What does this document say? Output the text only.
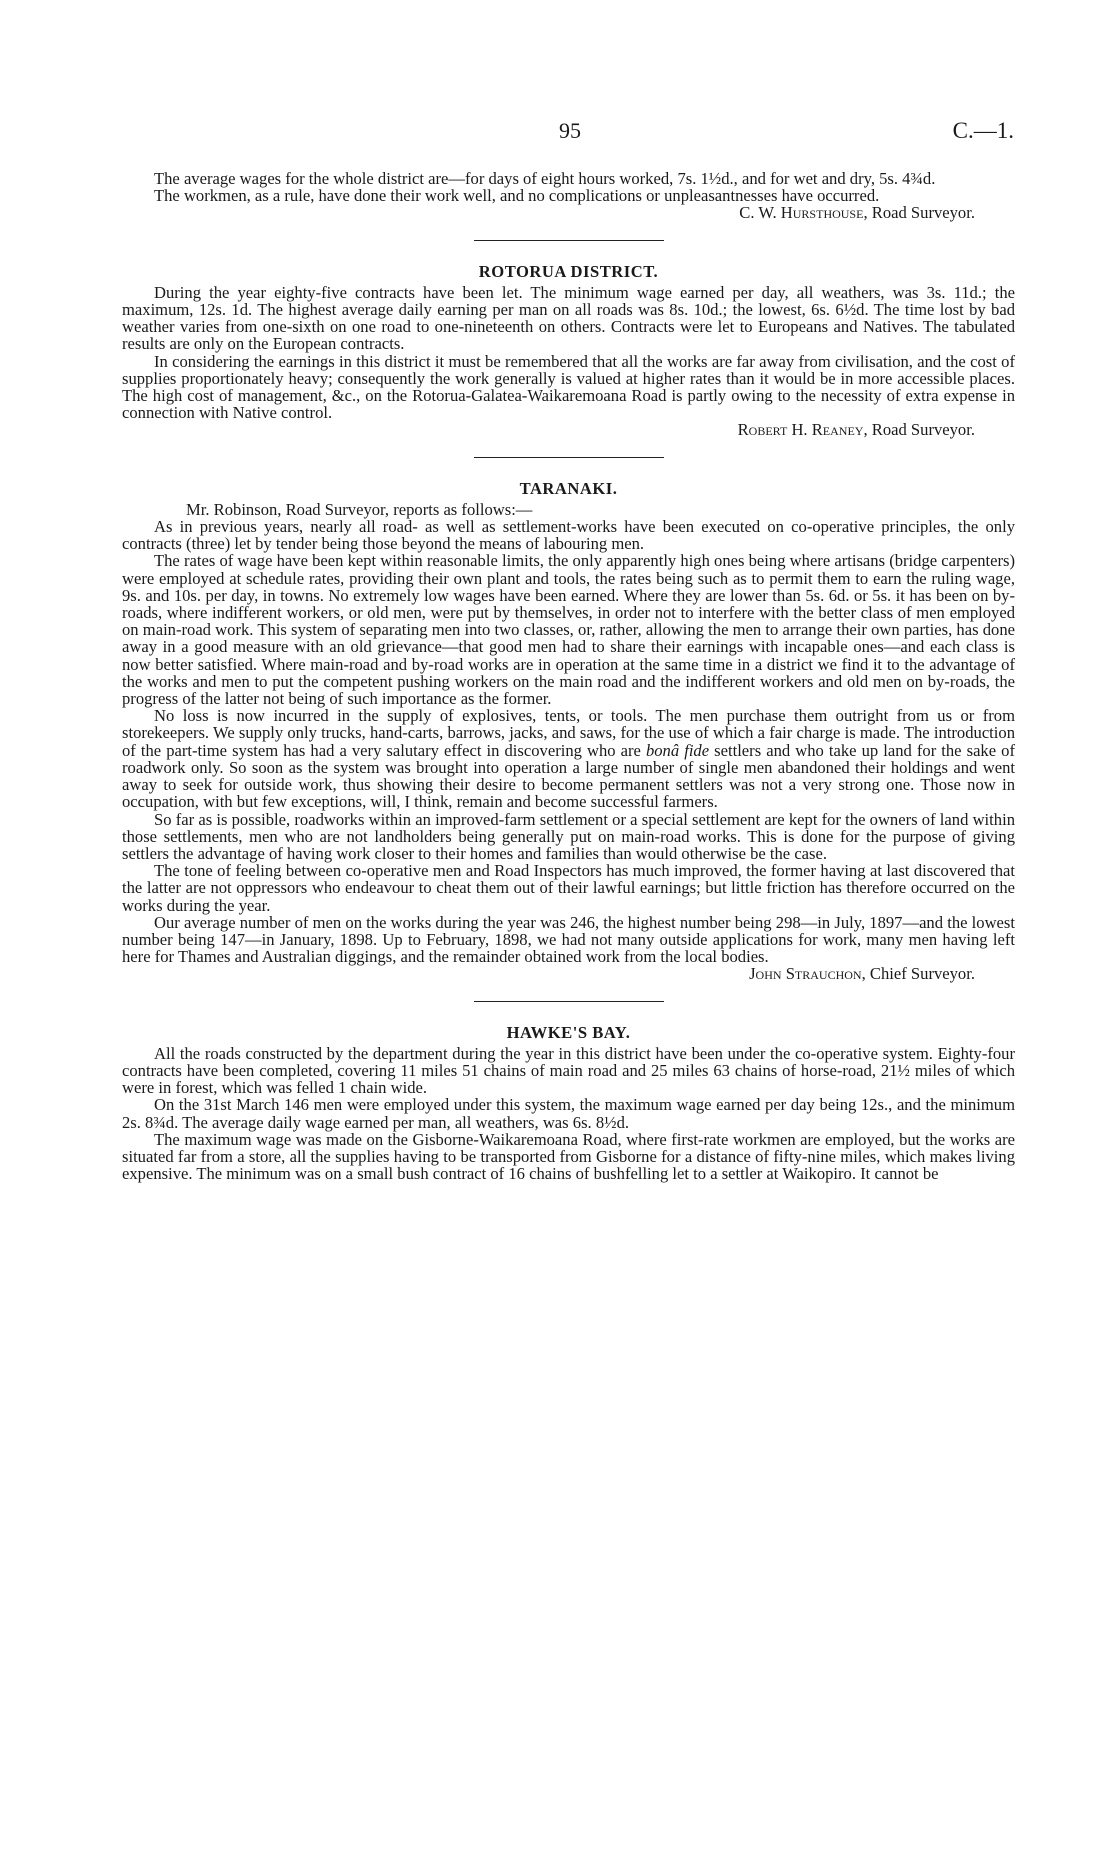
95	C.—1.

The average wages for the whole district are—for days of eight hours worked, 7s. 1½d., and for wet and dry, 5s. 4¾d.

The workmen, as a rule, have done their work well, and no complications or unpleasantnesses have occurred.

C. W. Hursthouse, Road Surveyor.

ROTORUA DISTRICT.

During the year eighty-five contracts have been let. The minimum wage earned per day, all weathers, was 3s. 11d.; the maximum, 12s. 1d. The highest average daily earning per man on all roads was 8s. 10d.; the lowest, 6s. 6½d. The time lost by bad weather varies from one-sixth on one road to one-nineteenth on others. Contracts were let to Europeans and Natives. The tabulated results are only on the European contracts.

In considering the earnings in this district it must be remembered that all the works are far away from civilisation, and the cost of supplies proportionately heavy; consequently the work generally is valued at higher rates than it would be in more accessible places. The high cost of management, &c., on the Rotorua-Galatea-Waikaremoana Road is partly owing to the necessity of extra expense in connection with Native control.

Robert H. Reaney, Road Surveyor.

TARANAKI.

Mr. Robinson, Road Surveyor, reports as follows:—

As in previous years, nearly all road- as well as settlement-works have been executed on co-operative principles, the only contracts (three) let by tender being those beyond the means of labouring men.

The rates of wage have been kept within reasonable limits, the only apparently high ones being where artisans (bridge carpenters) were employed at schedule rates, providing their own plant and tools, the rates being such as to permit them to earn the ruling wage, 9s. and 10s. per day, in towns. No extremely low wages have been earned. Where they are lower than 5s. 6d. or 5s. it has been on by-roads, where indifferent workers, or old men, were put by themselves, in order not to interfere with the better class of men employed on main-road work. This system of separating men into two classes, or, rather, allowing the men to arrange their own parties, has done away in a good measure with an old grievance—that good men had to share their earnings with incapable ones—and each class is now better satisfied. Where main-road and by-road works are in operation at the same time in a district we find it to the advantage of the works and men to put the competent pushing workers on the main road and the indifferent workers and old men on by-roads, the progress of the latter not being of such importance as the former.

No loss is now incurred in the supply of explosives, tents, or tools. The men purchase them outright from us or from storekeepers. We supply only trucks, hand-carts, barrows, jacks, and saws, for the use of which a fair charge is made. The introduction of the part-time system has had a very salutary effect in discovering who are bonâ fide settlers and who take up land for the sake of roadwork only. So soon as the system was brought into operation a large number of single men abandoned their holdings and went away to seek for outside work, thus showing their desire to become permanent settlers was not a very strong one. Those now in occupation, with but few exceptions, will, I think, remain and become successful farmers.

So far as is possible, roadworks within an improved-farm settlement or a special settlement are kept for the owners of land within those settlements, men who are not landholders being generally put on main-road works. This is done for the purpose of giving settlers the advantage of having work closer to their homes and families than would otherwise be the case.

The tone of feeling between co-operative men and Road Inspectors has much improved, the former having at last discovered that the latter are not oppressors who endeavour to cheat them out of their lawful earnings; but little friction has therefore occurred on the works during the year.

Our average number of men on the works during the year was 246, the highest number being 298—in July, 1897—and the lowest number being 147—in January, 1898. Up to February, 1898, we had not many outside applications for work, many men having left here for Thames and Australian diggings, and the remainder obtained work from the local bodies.

John Strauchon, Chief Surveyor.

HAWKE'S BAY.

All the roads constructed by the department during the year in this district have been under the co-operative system. Eighty-four contracts have been completed, covering 11 miles 51 chains of main road and 25 miles 63 chains of horse-road, 21½ miles of which were in forest, which was felled 1 chain wide.

On the 31st March 146 men were employed under this system, the maximum wage earned per day being 12s., and the minimum 2s. 8¾d. The average daily wage earned per man, all weathers, was 6s. 8½d.

The maximum wage was made on the Gisborne-Waikaremoana Road, where first-rate workmen are employed, but the works are situated far from a store, all the supplies having to be transported from Gisborne for a distance of fifty-nine miles, which makes living expensive. The minimum was on a small bush contract of 16 chains of bushfelling let to a settler at Waikopiro. It cannot be
